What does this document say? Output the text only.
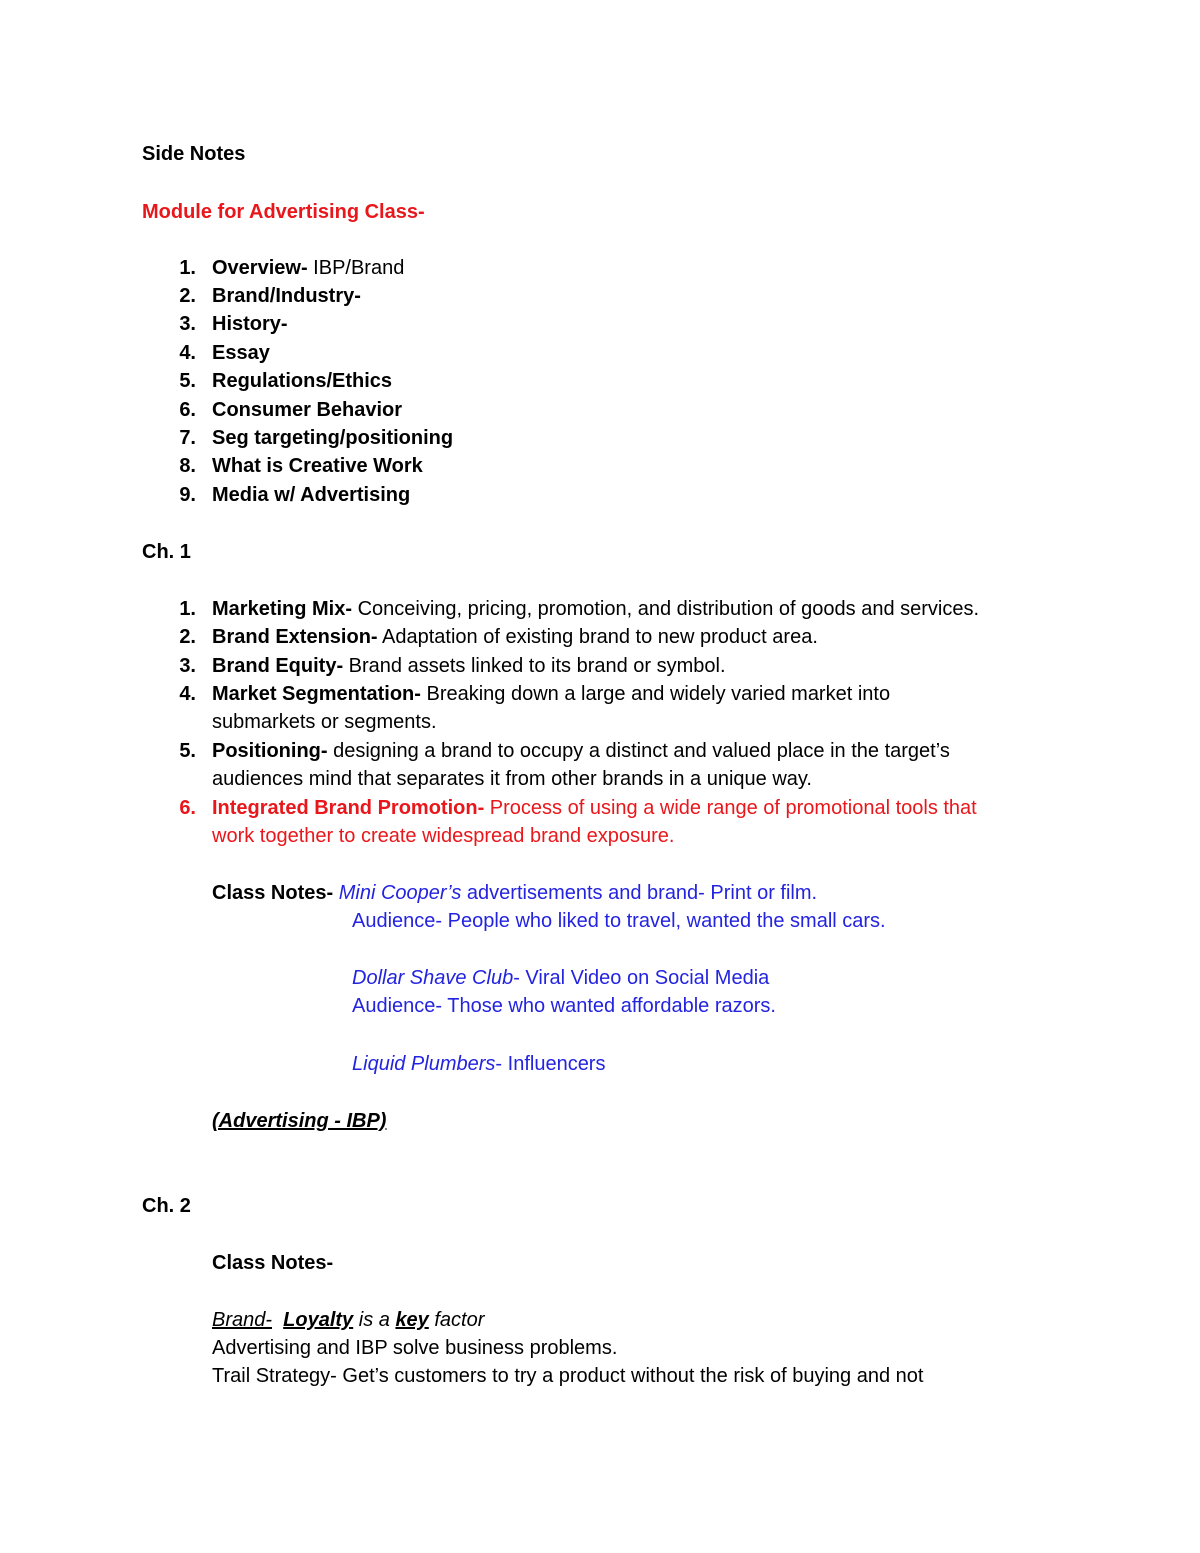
Side Notes
Module for Advertising Class-
1. Overview- IBP/Brand
2. Brand/Industry-
3. History-
4. Essay
5. Regulations/Ethics
6. Consumer Behavior
7. Seg targeting/positioning
8. What is Creative Work
9. Media w/ Advertising
Ch. 1
1. Marketing Mix- Conceiving, pricing, promotion, and distribution of goods and services.
2. Brand Extension- Adaptation of existing brand to new product area.
3. Brand Equity- Brand assets linked to its brand or symbol.
4. Market Segmentation- Breaking down a large and widely varied market into
submarkets or segments.
5. Positioning- designing a brand to occupy a distinct and valued place in the target’s
audiences mind that separates it from other brands in a unique way.
6. Integrated Brand Promotion- Process of using a wide range of promotional tools that
work together to create widespread brand exposure.
Class Notes- Mini Cooper’s advertisements and brand- Print or film.
Audience- People who liked to travel, wanted the small cars.
Dollar Shave Club- Viral Video on Social Media
Audience- Those who wanted affordable razors.
Liquid Plumbers- Influencers
(Advertising - IBP)
Ch. 2
Class Notes-
Brand- Loyalty is a key factor
Advertising and IBP solve business problems.
Trail Strategy- Get’s customers to try a product without the risk of buying and not
